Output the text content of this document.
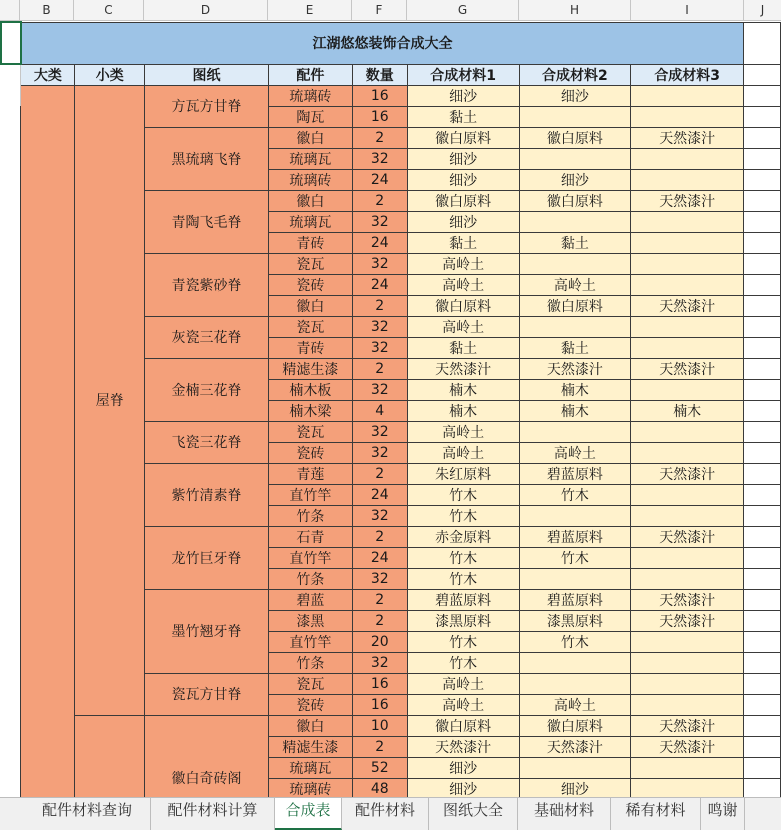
B	C	D	E	F	G	H	I	J
	江湖悠悠装饰合成大全								
	大类	小类	图纸	配件	数量	合成材料1	合成材料2	合成材料3	
		屋脊	方瓦方甘脊	琉璃砖	16	细沙	细沙		
				陶瓦	16	黏土			
			黑琉璃飞脊	徽白	2	徽白原料	徽白原料	天然漆汁	
				琉璃瓦	32	细沙			
				琉璃砖	24	细沙	细沙		
			青陶飞毛脊	徽白	2	徽白原料	徽白原料	天然漆汁	
				琉璃瓦	32	细沙			
				青砖	24	黏土	黏土		
			青瓷紫砂脊	瓷瓦	32	高岭土			
				瓷砖	24	高岭土	高岭土		
				徽白	2	徽白原料	徽白原料	天然漆汁	
			灰瓷三花脊	瓷瓦	32	高岭土			
				青砖	32	黏土	黏土		
			金楠三花脊	精滤生漆	2	天然漆汁	天然漆汁	天然漆汁	
				楠木板	32	楠木	楠木		
				楠木梁	4	楠木	楠木	楠木	
			飞瓷三花脊	瓷瓦	32	高岭土			
				瓷砖	32	高岭土	高岭土		
			紫竹清素脊	青莲	2	朱红原料	碧蓝原料	天然漆汁	
				直竹竿	24	竹木	竹木		
				竹条	32	竹木			
			龙竹巨牙脊	石青	2	赤金原料	碧蓝原料	天然漆汁	
				直竹竿	24	竹木	竹木		
				竹条	32	竹木			
			墨竹翘牙脊	碧蓝	2	碧蓝原料	碧蓝原料	天然漆汁	
				漆黑	2	漆黑原料	漆黑原料	天然漆汁	
				直竹竿	20	竹木	竹木		
				竹条	32	竹木			
			瓷瓦方甘脊	瓷瓦	16	高岭土			
				瓷砖	16	高岭土	高岭土		
			徽白奇砖阁	徽白	10	徽白原料	徽白原料	天然漆汁	
				精滤生漆	2	天然漆汁	天然漆汁	天然漆汁	
				琉璃瓦	52	细沙			
				琉璃砖	48	细沙	细沙		

配件材料查询	配件材料计算	合成表	配件材料	图纸大全	基础材料	稀有材料	鸣谢
